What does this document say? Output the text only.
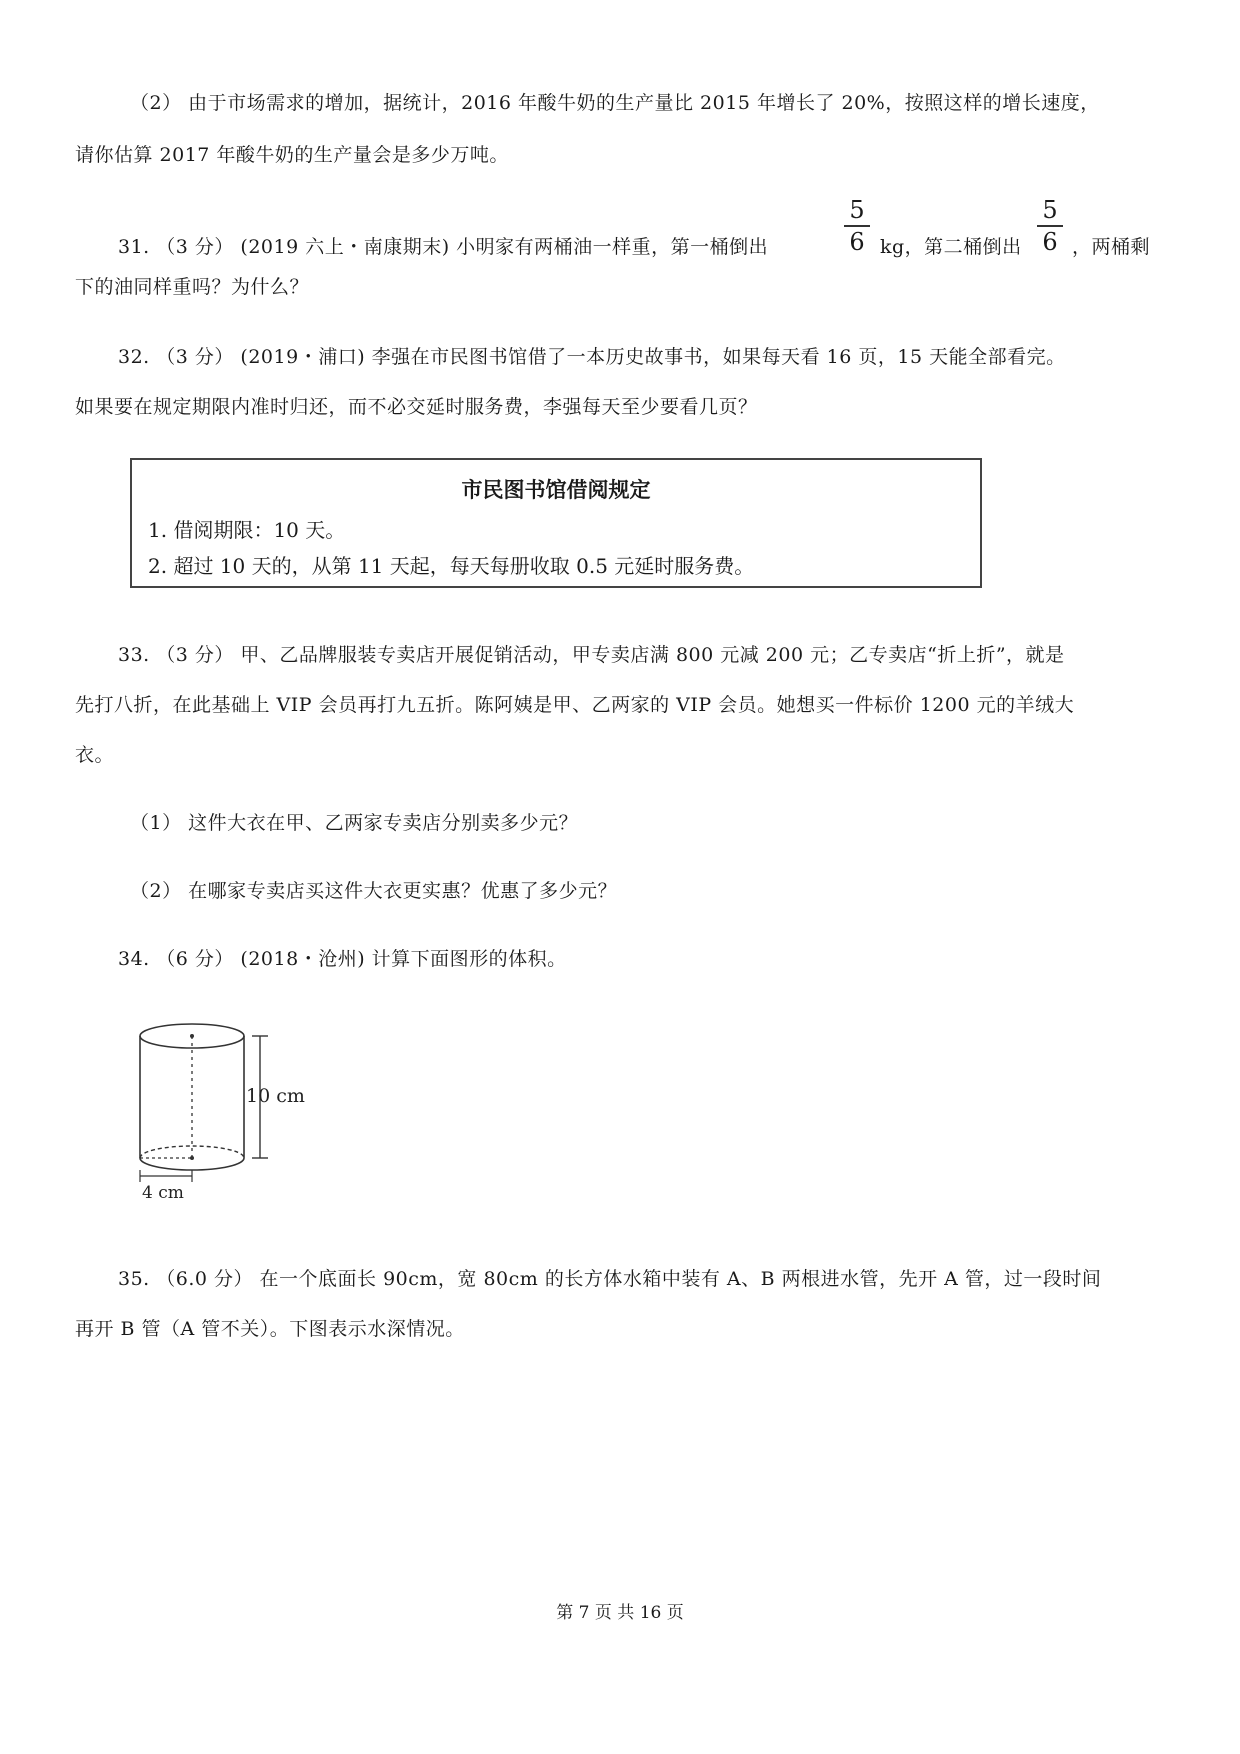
（2） 由于市场需求的增加，据统计，2016 年酸牛奶的生产量比 2015 年增长了 20%，按照这样的增长速度，
请你估算 2017 年酸牛奶的生产量会是多少万吨。
31. （3 分） (2019 六上・南康期末) 小明家有两桶油一样重，第一桶倒出
5
6 kg，第二桶倒出
5
6 ，两桶剩
下的油同样重吗？为什么？
32. （3 分） (2019・浦口) 李强在市民图书馆借了一本历史故事书，如果每天看 16 页，15 天能全部看完。
如果要在规定期限内准时归还，而不必交延时服务费，李强每天至少要看几页？
市民图书馆借阅规定
1. 借阅期限：10 天。
2. 超过 10 天的，从第 11 天起，每天每册收取 0.5 元延时服务费。
33. （3 分） 甲、乙品牌服装专卖店开展促销活动，甲专卖店满 800 元减 200 元；乙专卖店“折上折”，就是
先打八折，在此基础上 VIP 会员再打九五折。陈阿姨是甲、乙两家的 VIP 会员。她想买一件标价 1200 元的羊绒大
衣。
（1） 这件大衣在甲、乙两家专卖店分别卖多少元？
（2） 在哪家专卖店买这件大衣更实惠？优惠了多少元？
34. （6 分） (2018・沧州) 计算下面图形的体积。
10 cm
4 cm
35. （6.0 分） 在一个底面长 90cm，宽 80cm 的长方体水箱中装有 A、B 两根进水管，先开 A 管，过一段时间
再开 B 管（A 管不关）。下图表示水深情况。
第 7 页 共 16 页
